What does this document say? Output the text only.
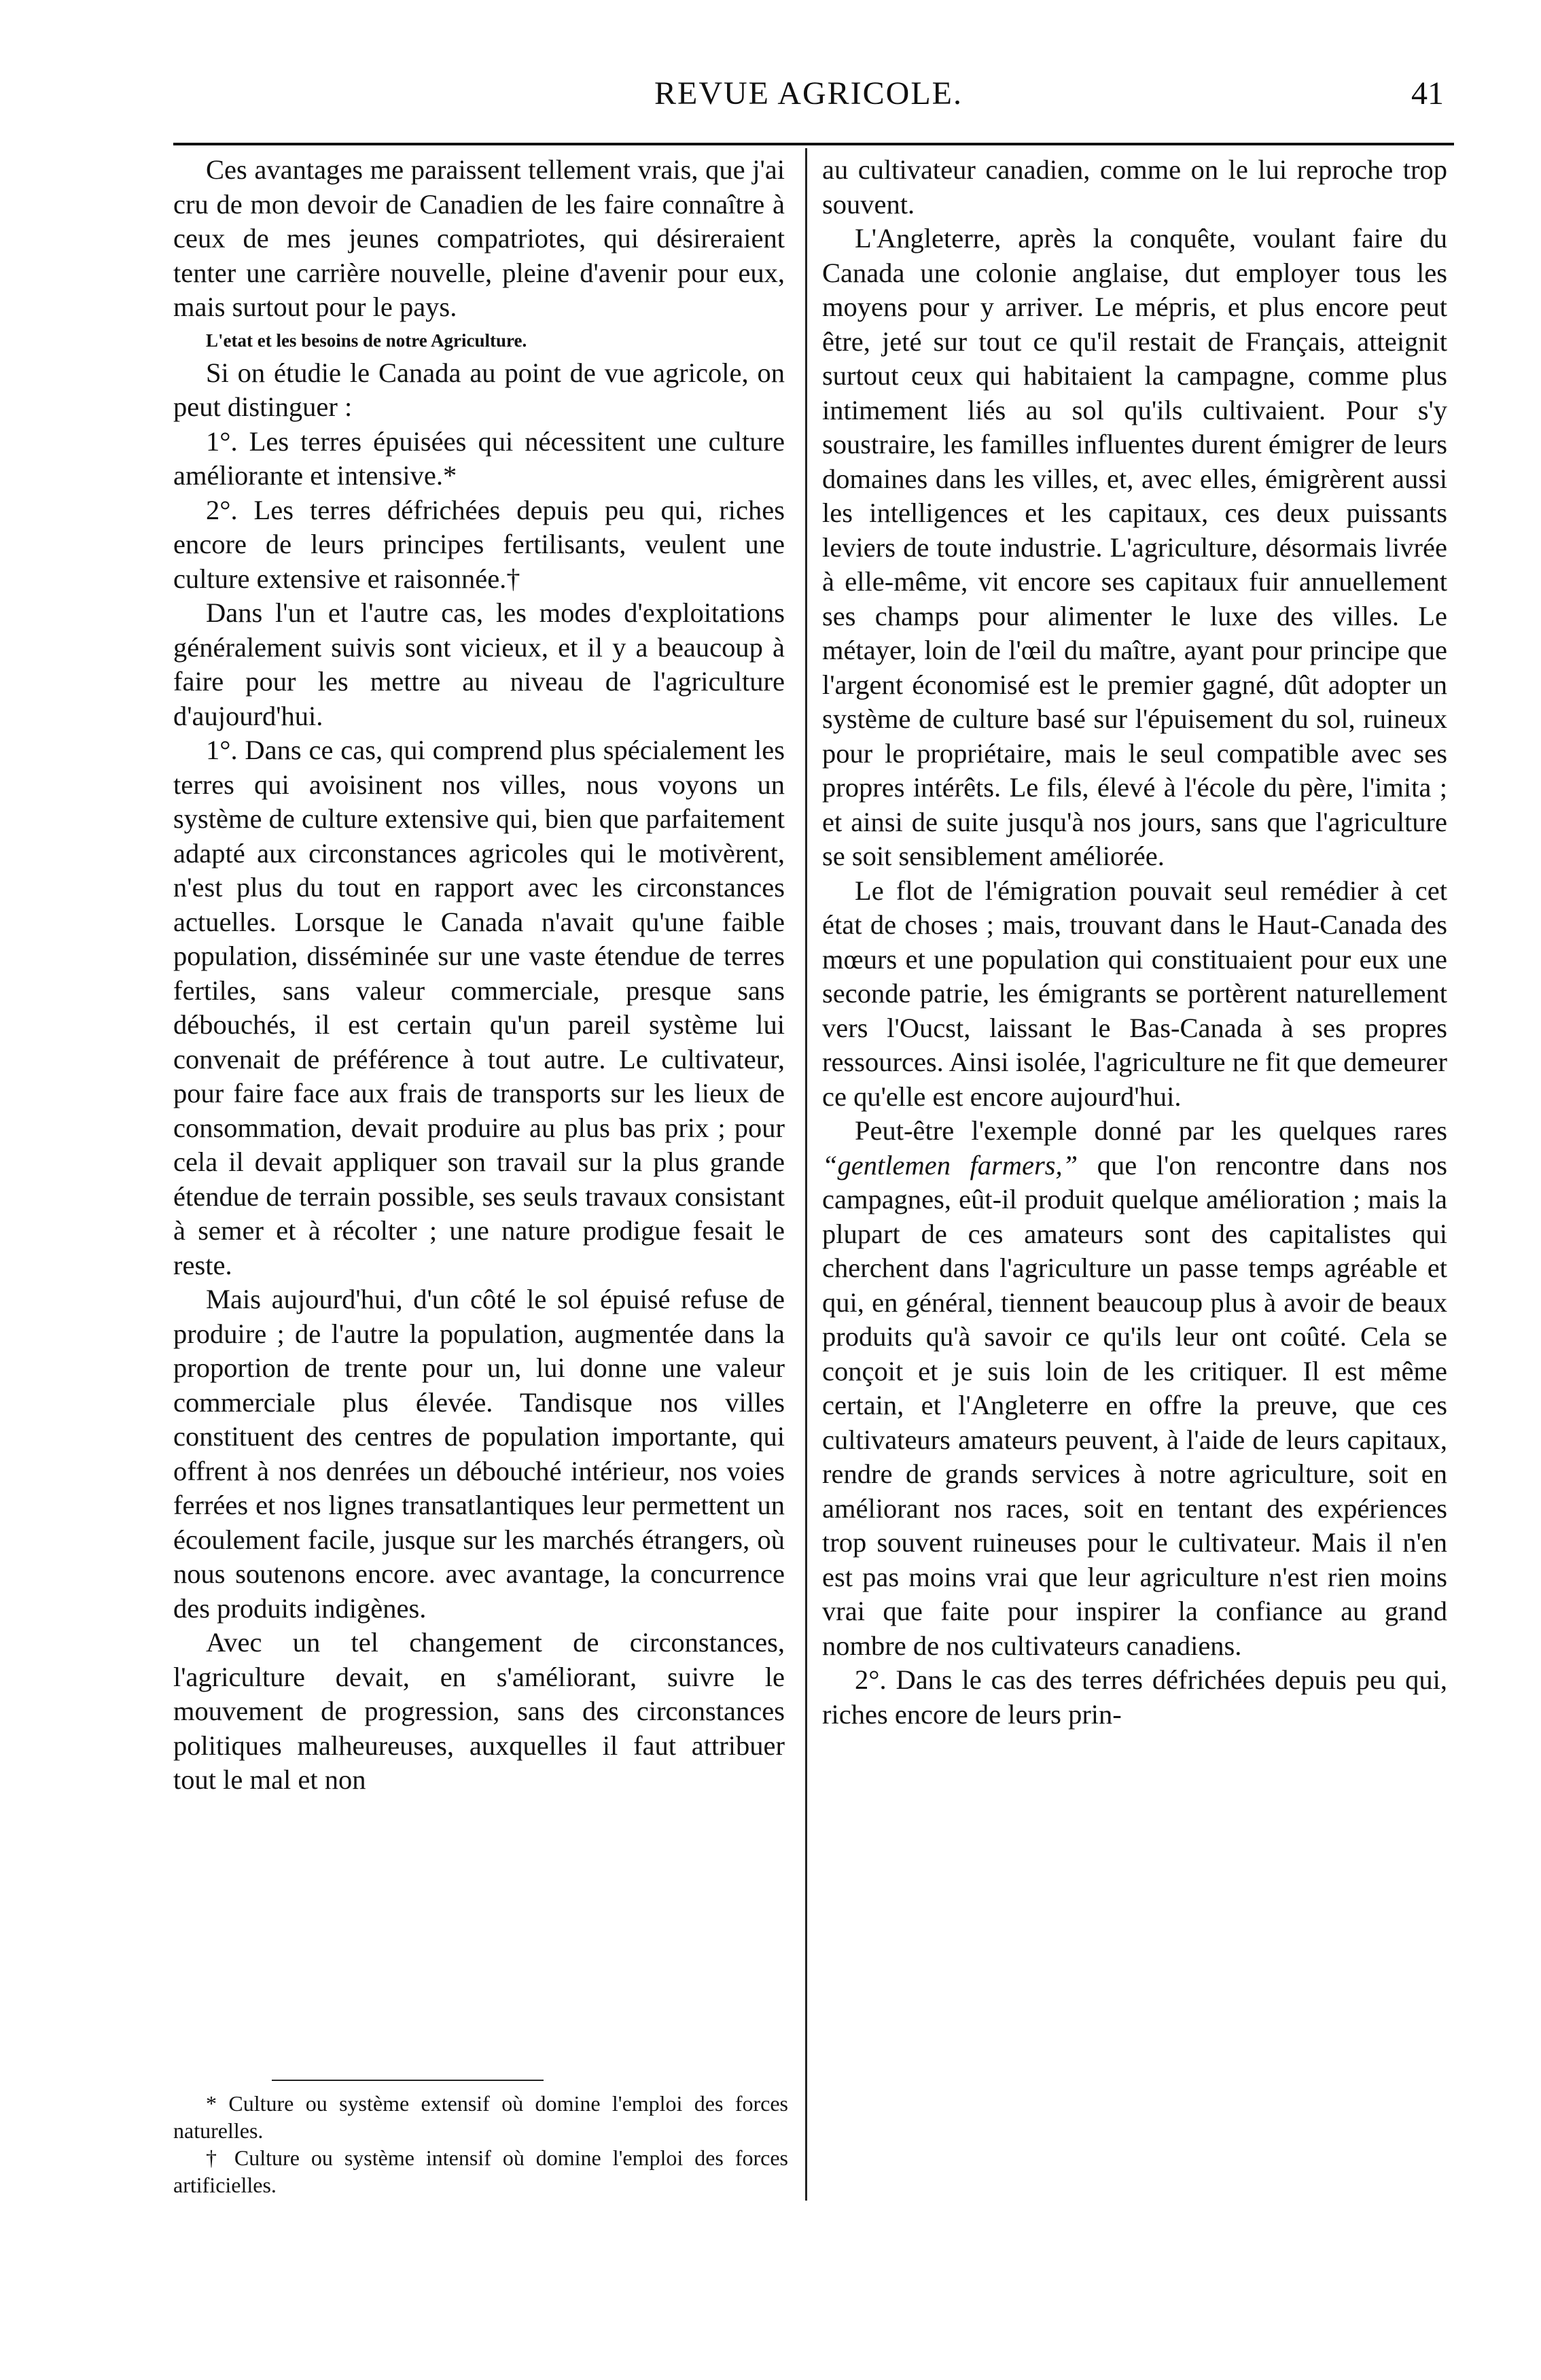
REVUE AGRICOLE.	41

Ces avantages me paraissent tellement vrais, que j'ai cru de mon devoir de Canadien de les faire connaître à ceux de mes jeunes compatriotes, qui désireraient tenter une carrière nouvelle, pleine d'avenir pour eux, mais surtout pour le pays.

L'etat et les besoins de notre Agriculture.

Si on étudie le Canada au point de vue agricole, on peut distinguer :

1°. Les terres épuisées qui nécessitent une culture améliorante et intensive.*

2°. Les terres défrichées depuis peu qui, riches encore de leurs principes fertilisants, veulent une culture extensive et raisonnée.†

Dans l'un et l'autre cas, les modes d'exploitations généralement suivis sont vicieux, et il y a beaucoup à faire pour les mettre au niveau de l'agriculture d'aujourd'hui.

1°. Dans ce cas, qui comprend plus spécialement les terres qui avoisinent nos villes, nous voyons un système de culture extensive qui, bien que parfaitement adapté aux circonstances agricoles qui le motivèrent, n'est plus du tout en rapport avec les circonstances actuelles. Lorsque le Canada n'avait qu'une faible population, disséminée sur une vaste étendue de terres fertiles, sans valeur commerciale, presque sans débouchés, il est certain qu'un pareil système lui convenait de préférence à tout autre. Le cultivateur, pour faire face aux frais de transports sur les lieux de consommation, devait produire au plus bas prix ; pour cela il devait appliquer son travail sur la plus grande étendue de terrain possible, ses seuls travaux consistant à semer et à récolter ; une nature prodigue fesait le reste.

Mais aujourd'hui, d'un côté le sol épuisé refuse de produire ; de l'autre la population, augmentée dans la proportion de trente pour un, lui donne une valeur commerciale plus élevée. Tandisque nos villes constituent des centres de population importante, qui offrent à nos denrées un débouché intérieur, nos voies ferrées et nos lignes transatlantiques leur permettent un écoulement facile, jusque sur les marchés étrangers, où nous soutenons encore. avec avantage, la concurrence des produits indigènes.

Avec un tel changement de circonstances, l'agriculture devait, en s'améliorant, suivre le mouvement de progression, sans des circonstances politiques malheureuses, auxquelles il faut attribuer tout le mal et non

au cultivateur canadien, comme on le lui reproche trop souvent.

L'Angleterre, après la conquête, voulant faire du Canada une colonie anglaise, dut employer tous les moyens pour y arriver. Le mépris, et plus encore peut être, jeté sur tout ce qu'il restait de Français, atteignit surtout ceux qui habitaient la campagne, comme plus intimement liés au sol qu'ils cultivaient. Pour s'y soustraire, les familles influentes durent émigrer de leurs domaines dans les villes, et, avec elles, émigrèrent aussi les intelligences et les capitaux, ces deux puissants leviers de toute industrie. L'agriculture, désormais livrée à elle-même, vit encore ses capitaux fuir annuellement ses champs pour alimenter le luxe des villes. Le métayer, loin de l'œil du maître, ayant pour principe que l'argent économisé est le premier gagné, dût adopter un système de culture basé sur l'épuisement du sol, ruineux pour le propriétaire, mais le seul compatible avec ses propres intérêts. Le fils, élevé à l'école du père, l'imita ; et ainsi de suite jusqu'à nos jours, sans que l'agriculture se soit sensiblement améliorée.

Le flot de l'émigration pouvait seul remédier à cet état de choses ; mais, trouvant dans le Haut-Canada des mœurs et une population qui constituaient pour eux une seconde patrie, les émigrants se portèrent naturellement vers l'Oucst, laissant le Bas-Canada à ses propres ressources. Ainsi isolée, l'agriculture ne fit que demeurer ce qu'elle est encore aujourd'hui.

Peut-être l'exemple donné par les quelques rares “gentlemen farmers,” que l'on rencontre dans nos campagnes, eût-il produit quelque amélioration ; mais la plupart de ces amateurs sont des capitalistes qui cherchent dans l'agriculture un passe temps agréable et qui, en général, tiennent beaucoup plus à avoir de beaux produits qu'à savoir ce qu'ils leur ont coûté. Cela se conçoit et je suis loin de les critiquer. Il est même certain, et l'Angleterre en offre la preuve, que ces cultivateurs amateurs peuvent, à l'aide de leurs capitaux, rendre de grands services à notre agriculture, soit en améliorant nos races, soit en tentant des expériences trop souvent ruineuses pour le cultivateur. Mais il n'en est pas moins vrai que leur agriculture n'est rien moins vrai que faite pour inspirer la confiance au grand nombre de nos cultivateurs canadiens.

2°. Dans le cas des terres défrichées depuis peu qui, riches encore de leurs prin-

* Culture ou système extensif où domine l'emploi des forces naturelles.

† Culture ou système intensif où domine l'emploi des forces artificielles.
